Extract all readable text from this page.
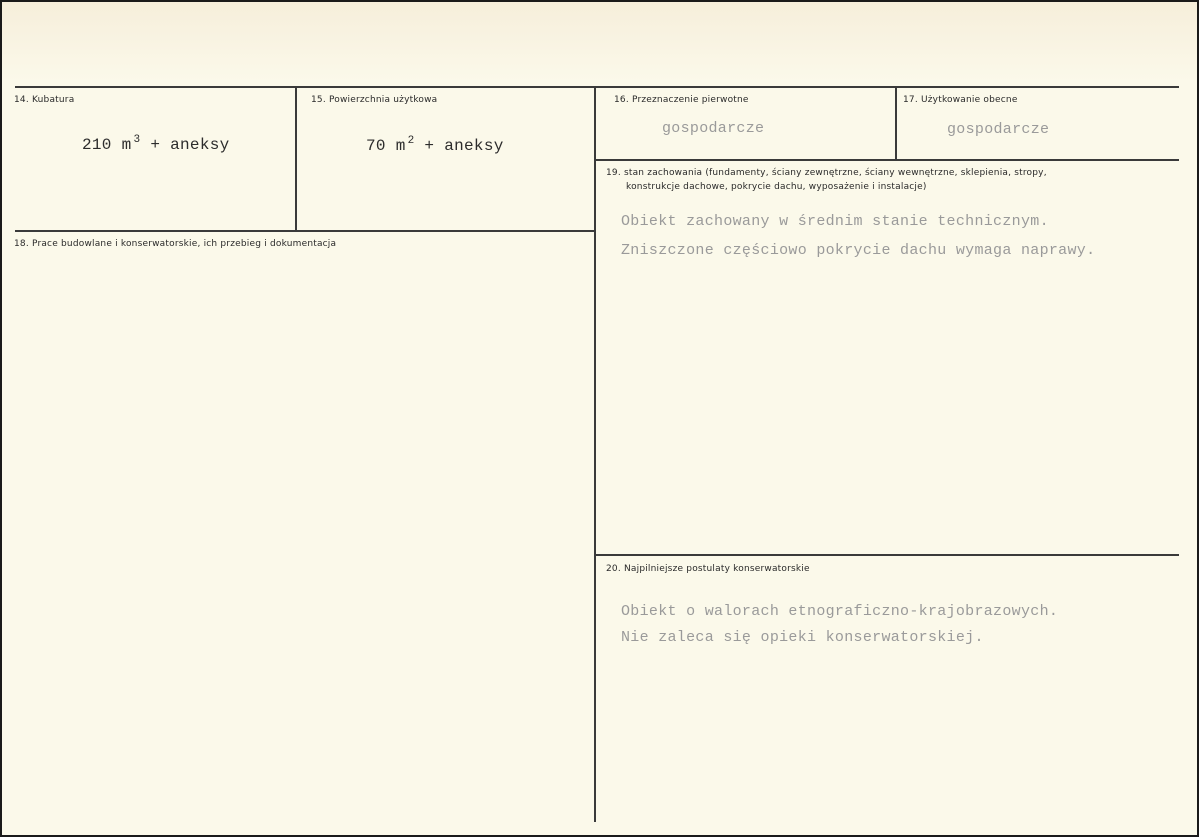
14. Kubatura
210 m $^3$ + aneksy
15. Powierzchnia użytkowa
70 m $^2$ + aneksy
16. Przeznaczenie pierwotne
gospodarcze
17. Użytkowanie obecne
gospodarcze
18. Prace budowlane i konserwatorskie, ich przebieg i dokumentacja
19. stan zachowania (fundamenty, ściany zewnętrzne, ściany wewnętrzne, sklepienia, stropy,
konstrukcje dachowe, pokrycie dachu, wyposażenie i instalacje)
Obiekt zachowany w średnim stanie technicznym.
Zniszczone częściowo pokrycie dachu wymaga naprawy.
20. Najpilniejsze postulaty konserwatorskie
Obiekt o walorach etnograficzno-krajobrazowych.
Nie zaleca się opieki konserwatorskiej.
